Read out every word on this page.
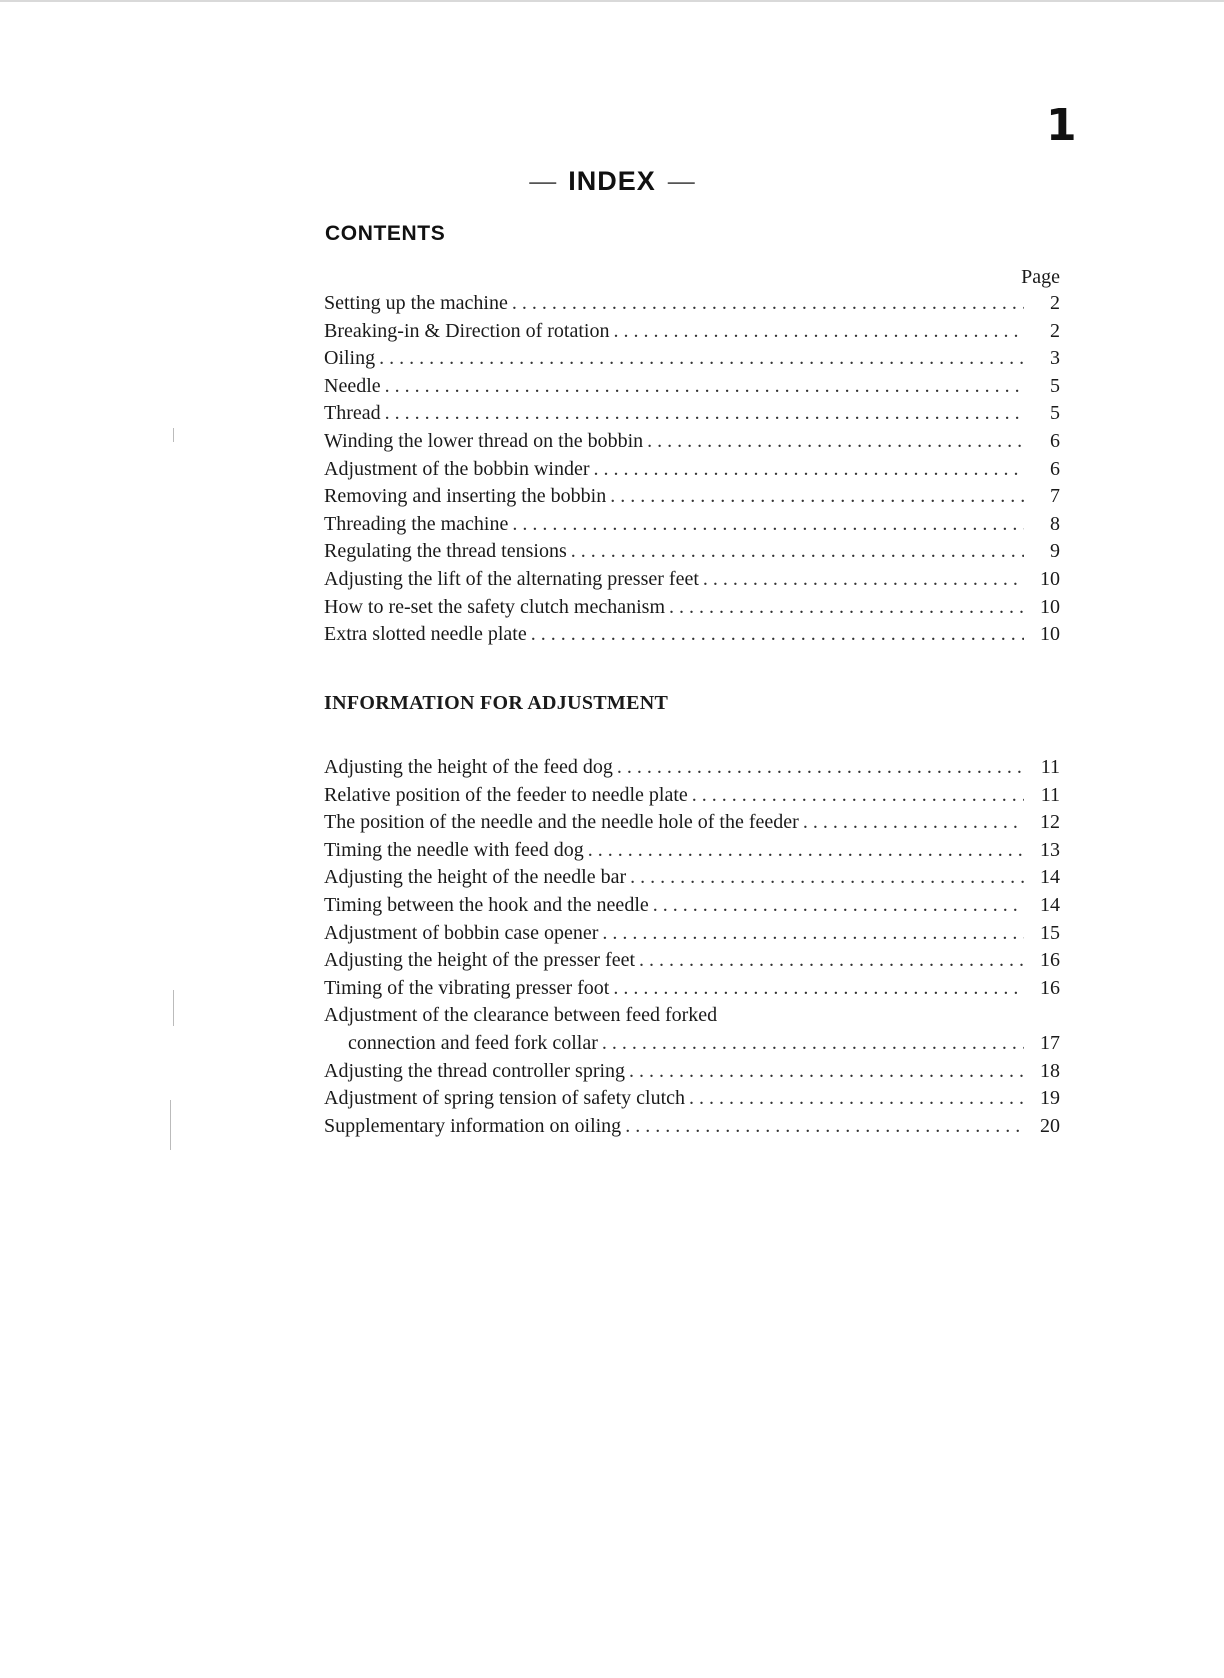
1
— INDEX —
CONTENTS
Page
Setting up the machine . . .	2
Breaking-in & Direction of rotation . . .	2
Oiling . . .	3
Needle . . .	5
Thread . . .	5
Winding the lower thread on the bobbin . . .	6
Adjustment of the bobbin winder . . .	6
Removing and inserting the bobbin . . .	7
Threading the machine . . .	8
Regulating the thread tensions . . .	9
Adjusting the lift of the alternating presser feet . . .	10
How to re-set the safety clutch mechanism . . .	10
Extra slotted needle plate . . .	10
INFORMATION FOR ADJUSTMENT
Adjusting the height of the feed dog . . .	11
Relative position of the feeder to needle plate . . .	11
The position of the needle and the needle hole of the feeder . . .	12
Timing the needle with feed dog . . .	13
Adjusting the height of the needle bar . . .	14
Timing between the hook and the needle . . .	14
Adjustment of bobbin case opener . . .	15
Adjusting the height of the presser feet . . .	16
Timing of the vibrating presser foot . . .	16
Adjustment of the clearance between feed forked
connection and feed fork collar . . .	17
Adjusting the thread controller spring . . .	18
Adjustment of spring tension of safety clutch . . .	19
Supplementary information on oiling . . .	20
